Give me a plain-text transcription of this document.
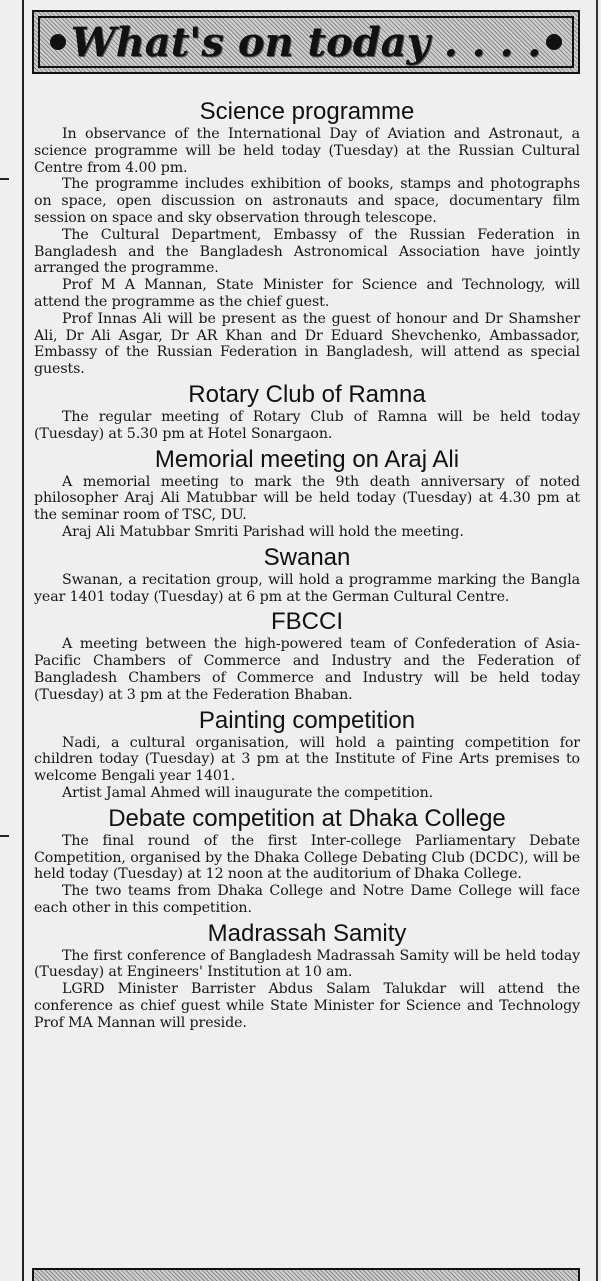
What's on today . . . .
Science programme

In observance of the International Day of Aviation and Astronaut, a science programme will be held today (Tuesday) at the Russian Cultural Centre from 4.00 pm.

The programme includes exhibition of books, stamps and photographs on space, open discussion on astronauts and space, documentary film session on space and sky observation through telescope.

The Cultural Department, Embassy of the Russian Federation in Bangladesh and the Bangladesh Astronomical Association have jointly arranged the programme.

Prof M A Mannan, State Minister for Science and Technology, will attend the programme as the chief guest.

Prof Innas Ali will be present as the guest of honour and Dr Shamsher Ali, Dr Ali Asgar, Dr AR Khan and Dr Eduard Shevchenko, Ambassador, Embassy of the Russian Federation in Bangladesh, will attend as special guests.

Rotary Club of Ramna

The regular meeting of Rotary Club of Ramna will be held today (Tuesday) at 5.30 pm at Hotel Sonargaon.

Memorial meeting on Araj Ali

A memorial meeting to mark the 9th death anniversary of noted philosopher Araj Ali Matubbar will be held today (Tuesday) at 4.30 pm at the seminar room of TSC, DU.

Araj Ali Matubbar Smriti Parishad will hold the meeting.

Swanan

Swanan, a recitation group, will hold a programme marking the Bangla year 1401 today (Tuesday) at 6 pm at the German Cultural Centre.

FBCCI

A meeting between the high-powered team of Confederation of Asia-Pacific Chambers of Commerce and Industry and the Federation of Bangladesh Chambers of Commerce and Industry will be held today (Tuesday) at 3 pm at the Federation Bhaban.

Painting competition

Nadi, a cultural organisation, will hold a painting competition for children today (Tuesday) at 3 pm at the Institute of Fine Arts premises to welcome Bengali year 1401.

Artist Jamal Ahmed will inaugurate the competition.

Debate competition at Dhaka College

The final round of the first Inter-college Parliamentary Debate Competition, organised by the Dhaka College Debating Club (DCDC), will be held today (Tuesday) at 12 noon at the auditorium of Dhaka College.

The two teams from Dhaka College and Notre Dame College will face each other in this competition.

Madrassah Samity

The first conference of Bangladesh Madrassah Samity will be held today (Tuesday) at Engineers' Institution at 10 am.

LGRD Minister Barrister Abdus Salam Talukdar will attend the conference as chief guest while State Minister for Science and Technology Prof MA Mannan will preside.
